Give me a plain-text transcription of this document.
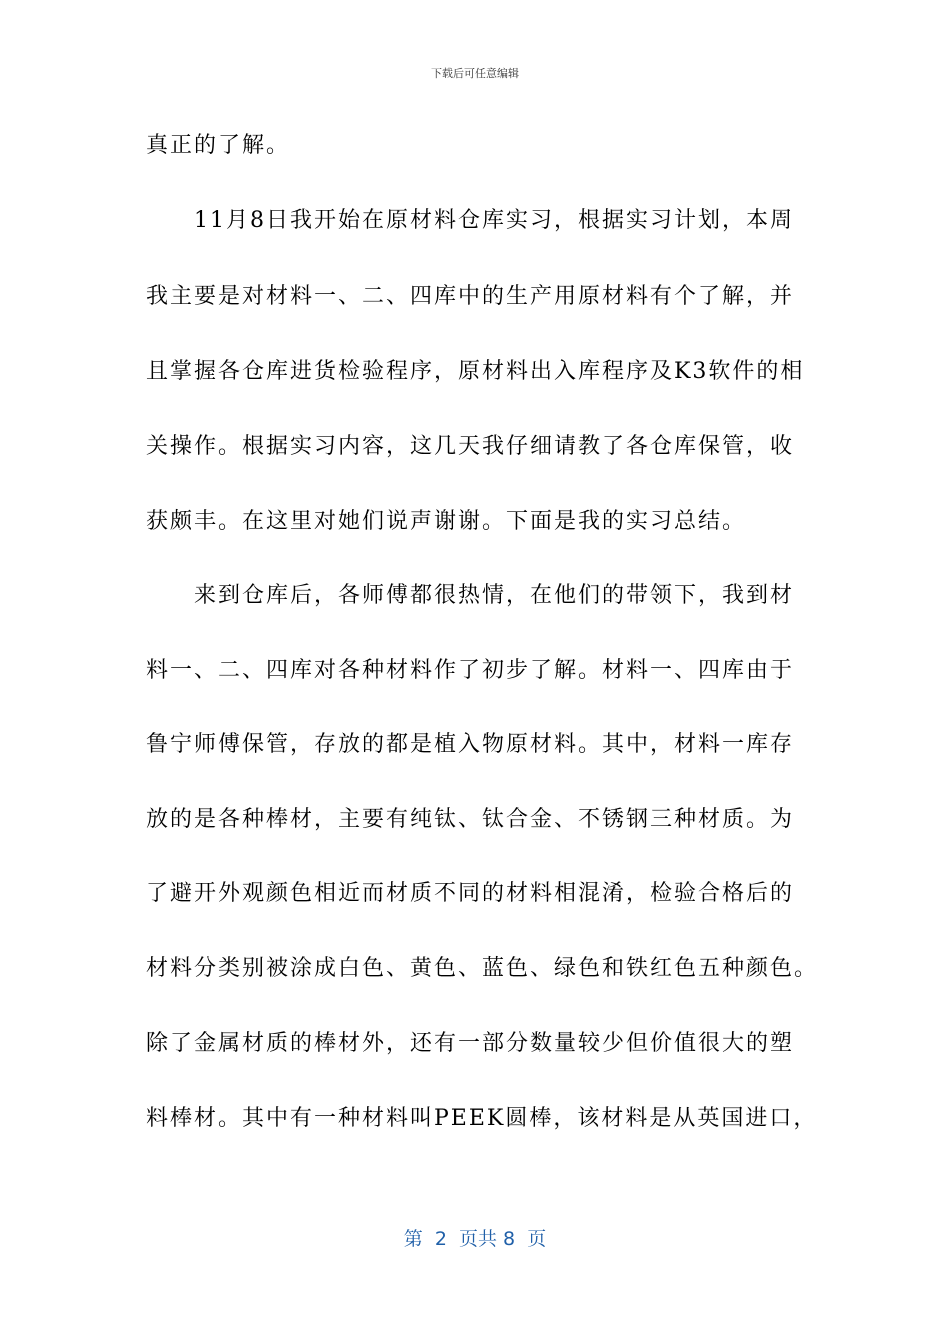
下载后可任意编辑
真正的了解。
11月8日我开始在原材料仓库实习，根据实习计划，本周
我主要是对材料一、二、四库中的生产用原材料有个了解，并
且掌握各仓库进货检验程序，原材料出入库程序及K3软件的相
关操作。根据实习内容，这几天我仔细请教了各仓库保管，收
获颇丰。在这里对她们说声谢谢。下面是我的实习总结。
来到仓库后，各师傅都很热情，在他们的带领下，我到材
料一、二、四库对各种材料作了初步了解。材料一、四库由于
鲁宁师傅保管，存放的都是植入物原材料。其中，材料一库存
放的是各种棒材，主要有纯钛、钛合金、不锈钢三种材质。为
了避开外观颜色相近而材质不同的材料相混淆，检验合格后的
材料分类别被涂成白色、黄色、蓝色、绿色和铁红色五种颜色。
除了金属材质的棒材外，还有一部分数量较少但价值很大的塑
料棒材。其中有一种材料叫PEEK圆棒，该材料是从英国进口，
第  2  页共 8  页
